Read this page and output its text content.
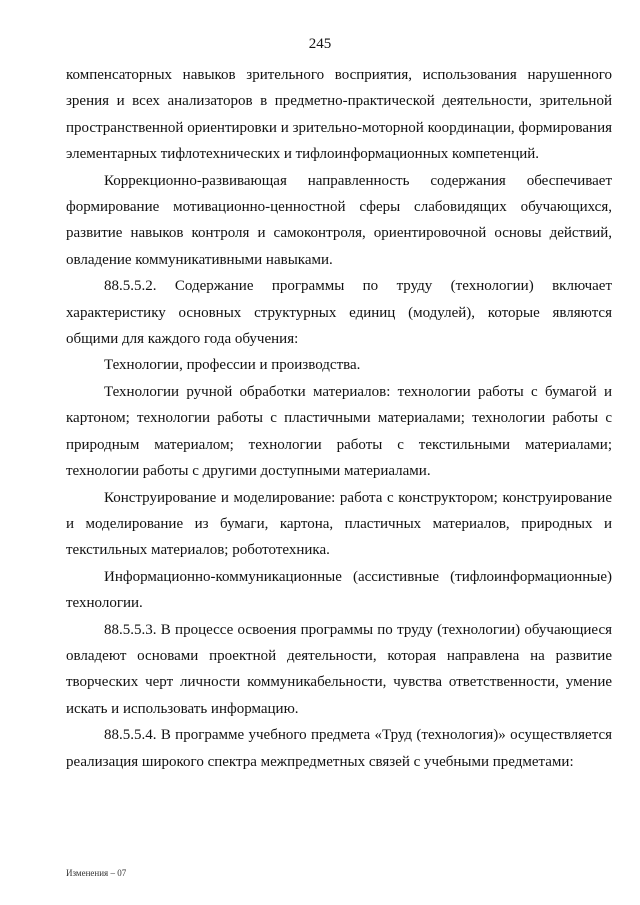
245

компенсаторных навыков зрительного восприятия, использования нарушенного зрения и всех анализаторов в предметно-практической деятельности, зрительной пространственной ориентировки и зрительно-моторной координации, формирования элементарных тифлотехнических и тифлоинформационных компетенций.

Коррекционно-развивающая направленность содержания обеспечивает формирование мотивационно-ценностной сферы слабовидящих обучающихся, развитие навыков контроля и самоконтроля, ориентировочной основы действий, овладение коммуникативными навыками.

88.5.5.2. Содержание программы по труду (технологии) включает характеристику основных структурных единиц (модулей), которые являются общими для каждого года обучения:

Технологии, профессии и производства.

Технологии ручной обработки материалов: технологии работы с бумагой и картоном; технологии работы с пластичными материалами; технологии работы с природным материалом; технологии работы с текстильными материалами; технологии работы с другими доступными материалами.

Конструирование и моделирование: работа с конструктором; конструирование и моделирование из бумаги, картона, пластичных материалов, природных и текстильных материалов; робототехника.

Информационно-коммуникационные (ассистивные (тифлоинформационные) технологии.

88.5.5.3. В процессе освоения программы по труду (технологии) обучающиеся овладеют основами проектной деятельности, которая направлена на развитие творческих черт личности коммуникабельности, чувства ответственности, умение искать и использовать информацию.

88.5.5.4. В программе учебного предмета «Труд (технология)» осуществляется реализация широкого спектра межпредметных связей с учебными предметами:

Изменения – 07
